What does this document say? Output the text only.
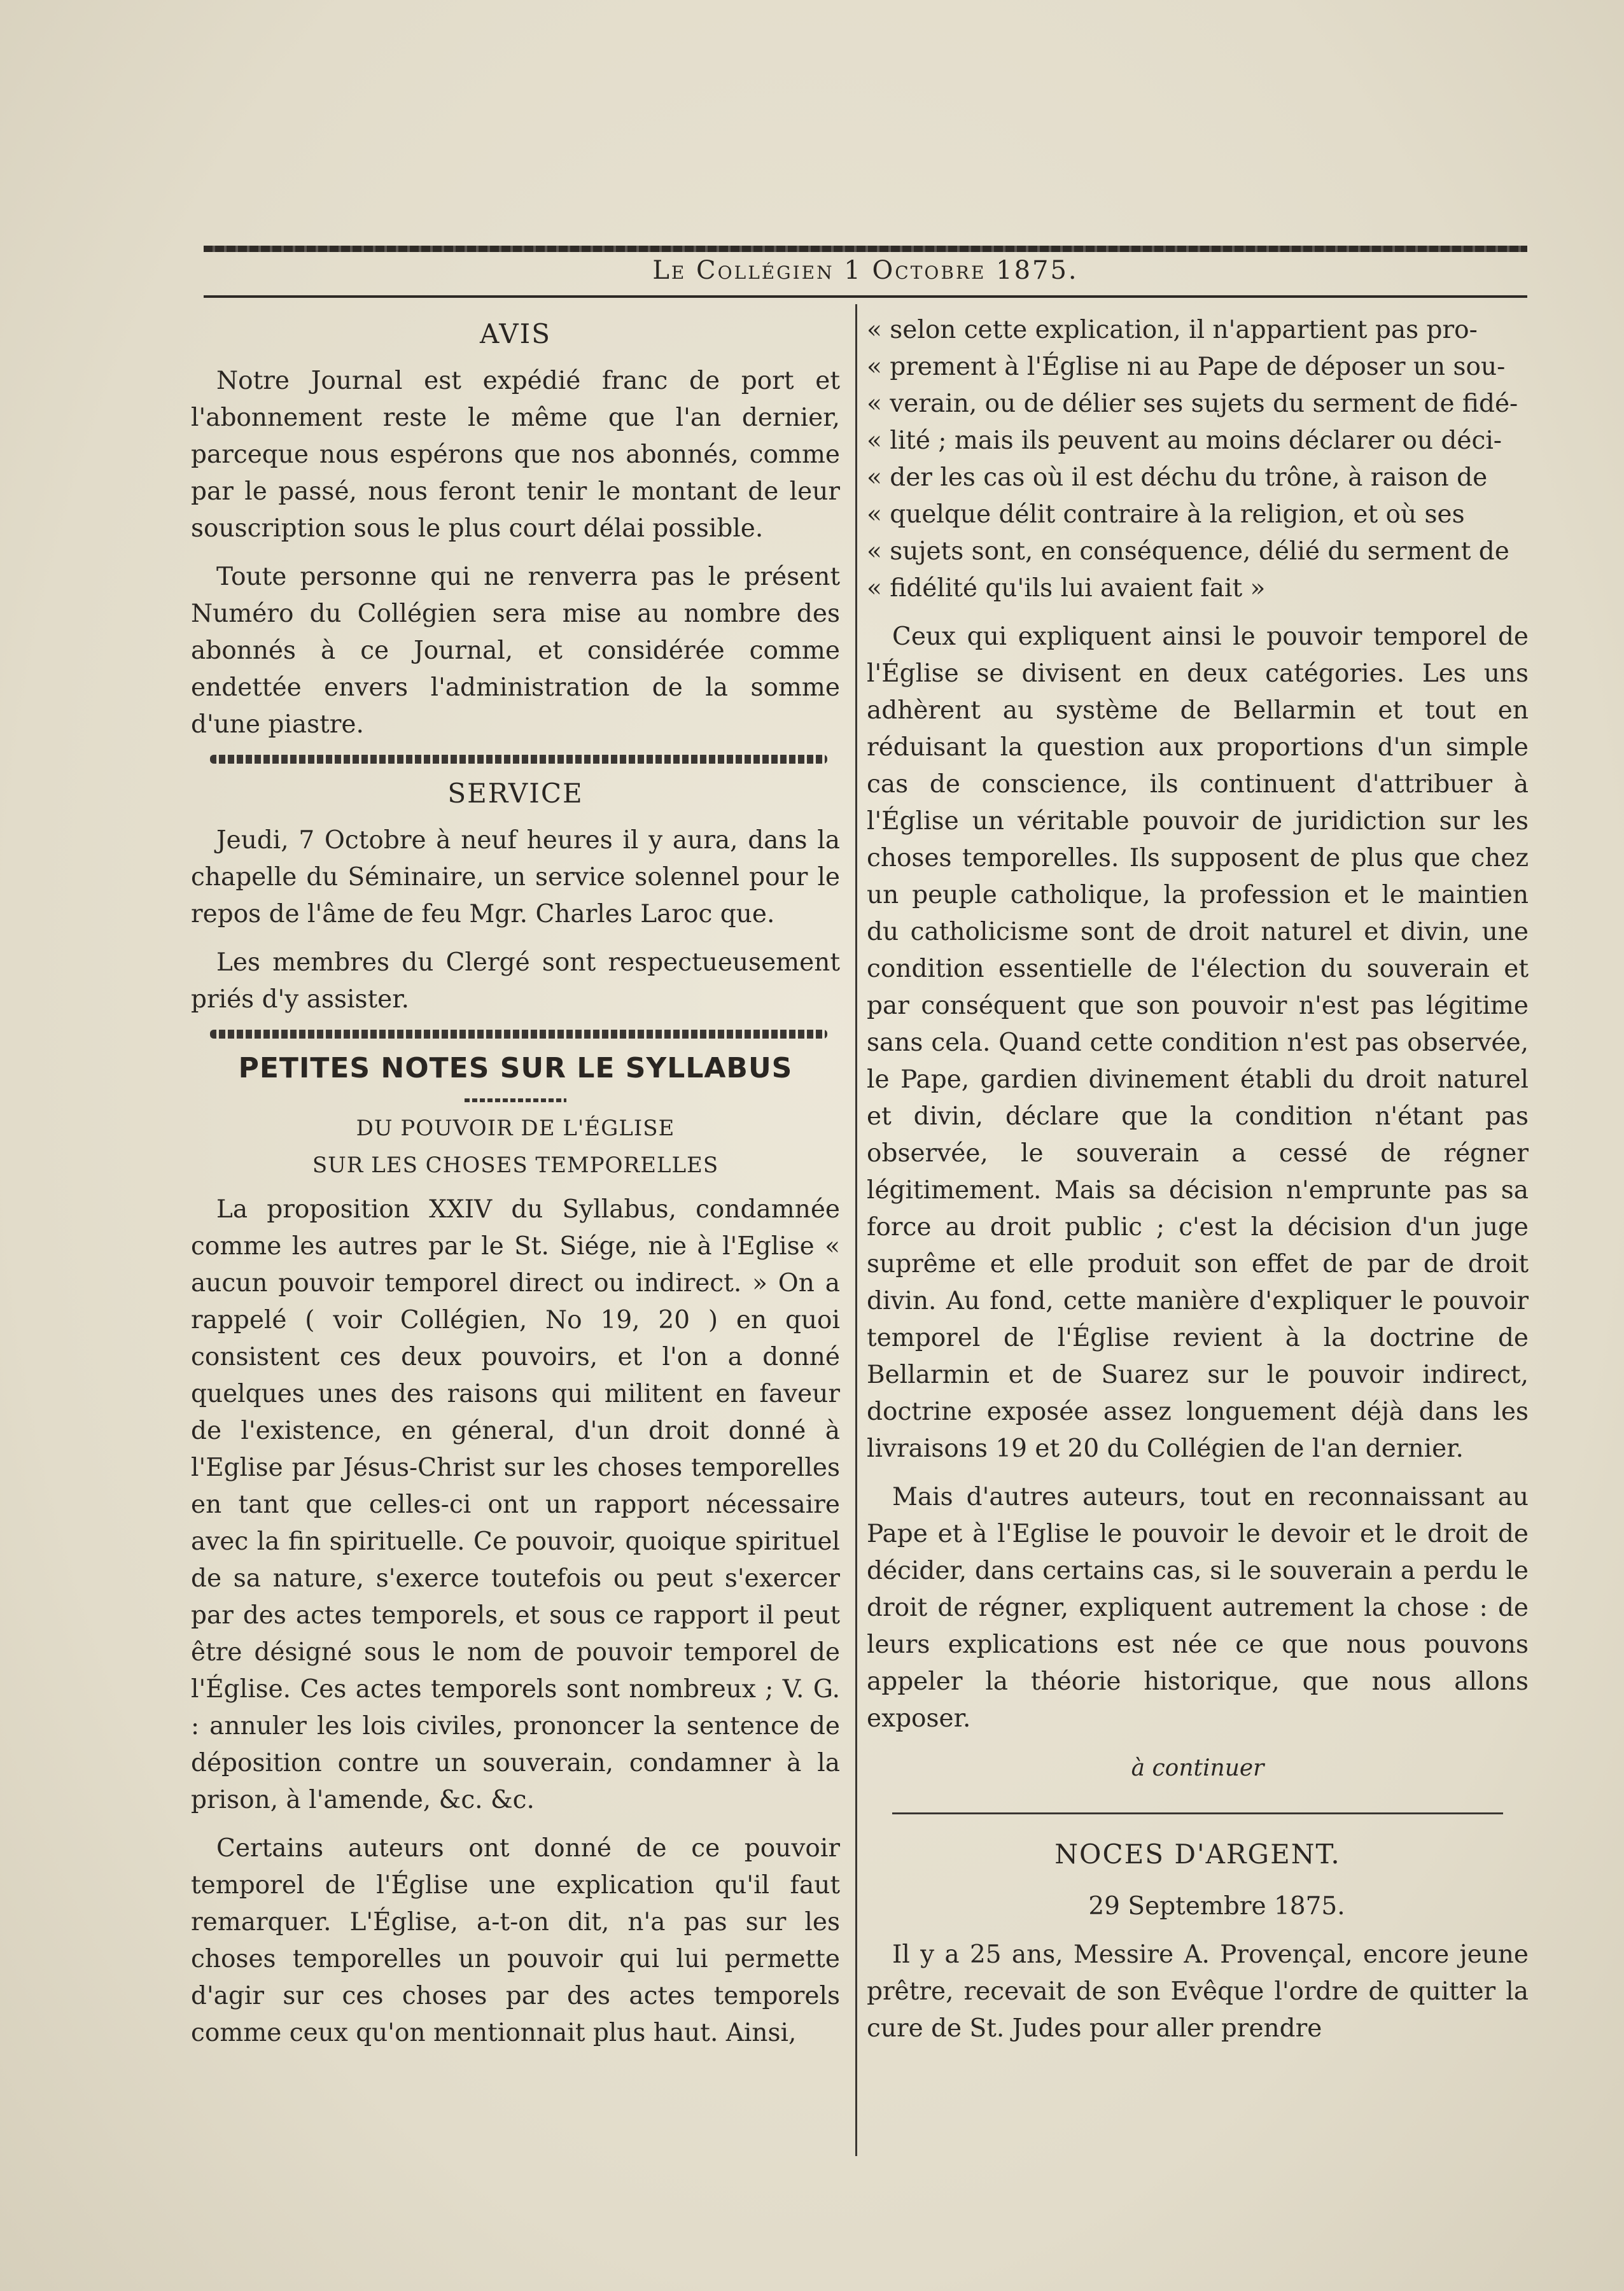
Le Collégien 1 Octobre 1875.
AVIS

Notre Journal est expédié franc de port et l'abonnement reste le même que l'an dernier, parceque nous espérons que nos abonnés, comme par le passé, nous feront tenir le montant de leur souscription sous le plus court délai possible.

Toute personne qui ne renverra pas le présent Numéro du Collégien sera mise au nombre des abonnés à ce Journal, et considérée comme endettée envers l'administration de la somme d'une piastre.

SERVICE

Jeudi, 7 Octobre à neuf heures il y aura, dans la chapelle du Séminaire, un service solennel pour le repos de l'âme de feu Mgr. Charles Laroc que.

Les membres du Clergé sont respectueusement priés d'y assister.

PETITES NOTES SUR LE SYLLABUS
DU POUVOIR DE L'ÉGLISE
SUR LES CHOSES TEMPORELLES

La proposition XXIV du Syllabus, condamnée comme les autres par le St. Siége, nie à l'Eglise « aucun pouvoir temporel direct ou indirect. » On a rappelé ( voir Collégien, No 19, 20 ) en quoi consistent ces deux pouvoirs, et l'on a donné quelques unes des raisons qui militent en faveur de l'existence, en géneral, d'un droit donné à l'Eglise par Jésus-Christ sur les choses temporelles en tant que celles-ci ont un rapport nécessaire avec la fin spirituelle. Ce pouvoir, quoique spirituel de sa nature, s'exerce toutefois ou peut s'exercer par des actes temporels, et sous ce rapport il peut être désigné sous le nom de pouvoir temporel de l'Église. Ces actes temporels sont nombreux ; V. G. : annuler les lois civiles, prononcer la sentence de déposition contre un souverain, condamner à la prison, à l'amende, &c. &c.

Certains auteurs ont donné de ce pouvoir temporel de l'Église une explication qu'il faut remarquer. L'Église, a-t-on dit, n'a pas sur les choses temporelles un pouvoir qui lui permette d'agir sur ces choses par des actes temporels comme ceux qu'on mentionnait plus haut. Ainsi,

« selon cette explication, il n'appartient pas pro-
« prement à l'Église ni au Pape de déposer un sou-
« verain, ou de délier ses sujets du serment de fidé-
« lité ; mais ils peuvent au moins déclarer ou déci-
« der les cas où il est déchu du trône, à raison de
« quelque délit contraire à la religion, et où ses
« sujets sont, en conséquence, délié du serment de
« fidélité qu'ils lui avaient fait »

Ceux qui expliquent ainsi le pouvoir temporel de l'Église se divisent en deux catégories. Les uns adhèrent au système de Bellarmin et tout en réduisant la question aux proportions d'un simple cas de conscience, ils continuent d'attribuer à l'Église un véritable pouvoir de juridiction sur les choses temporelles. Ils supposent de plus que chez un peuple catholique, la profession et le maintien du catholicisme sont de droit naturel et divin, une condition essentielle de l'élection du souverain et par conséquent que son pouvoir n'est pas légitime sans cela. Quand cette condition n'est pas observée, le Pape, gardien divinement établi du droit naturel et divin, déclare que la condition n'étant pas observée, le souverain a cessé de régner légitimement. Mais sa décision n'emprunte pas sa force au droit public ; c'est la décision d'un juge suprême et elle produit son effet de par de droit divin. Au fond, cette manière d'expliquer le pouvoir temporel de l'Église revient à la doctrine de Bellarmin et de Suarez sur le pouvoir indirect, doctrine exposée assez longuement déjà dans les livraisons 19 et 20 du Collégien de l'an dernier.

Mais d'autres auteurs, tout en reconnaissant au Pape et à l'Eglise le pouvoir le devoir et le droit de décider, dans certains cas, si le souverain a perdu le droit de régner, expliquent autrement la chose : de leurs explications est née ce que nous pouvons appeler la théorie historique, que nous allons exposer.

à continuer
NOCES D'ARGENT.
29 Septembre 1875.

Il y a 25 ans, Messire A. Provençal, encore jeune prêtre, recevait de son Evêque l'ordre de quitter la cure de St. Judes pour aller prendre
